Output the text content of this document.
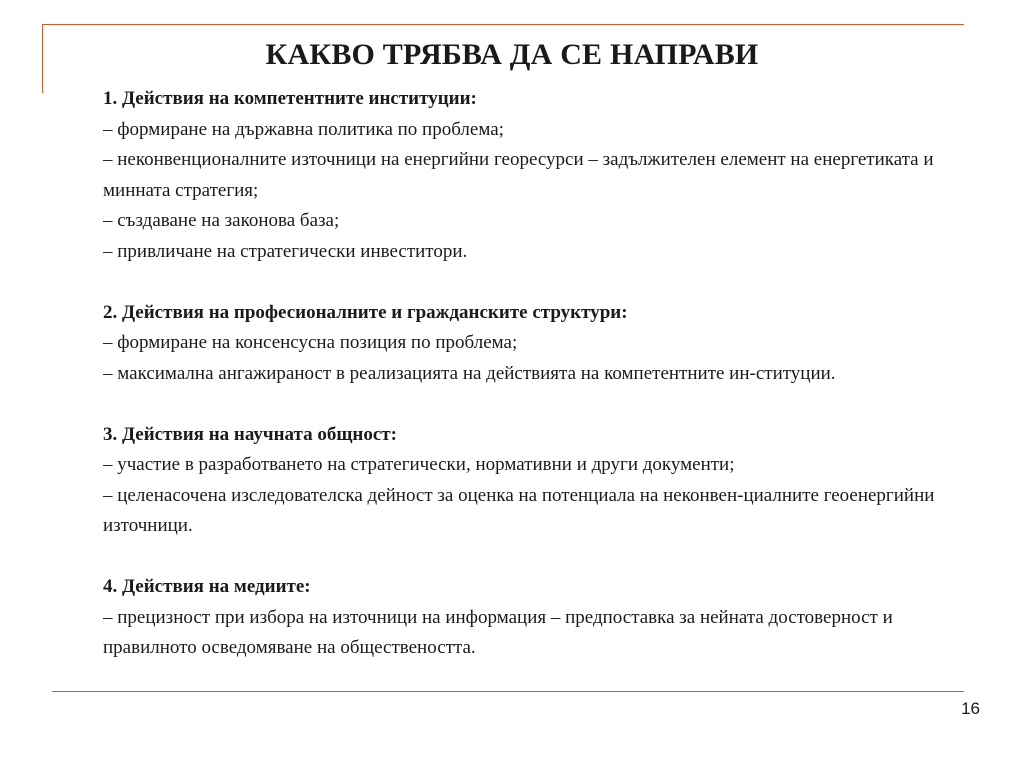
КАКВО ТРЯБВА ДА СЕ НАПРАВИ
1. Действия на компетентните институции:
– формиране на държавна политика по проблема;
– неконвенционалните източници на енергийни георесурси – задължителен елемент на енергетиката и минната стратегия;
– създаване на законова база;
– привличане на стратегически инвеститори.
2. Действия на професионалните и гражданските структури:
– формиране на консенсусна позиция по проблема;
– максимална ангажираност в реализацията на действията на компетентните ин-ституции.
3. Действия на научната общност:
– участие в разработването на стратегически, нормативни и други документи;
– целенасочена изследователска дейност за оценка на потенциала на неконвен-циалните геоенергийни източници.
4. Действия на медиите:
– прецизност при избора на източници на информация – предпоставка за нейната достоверност и правилното осведомяване на обществеността.
16
